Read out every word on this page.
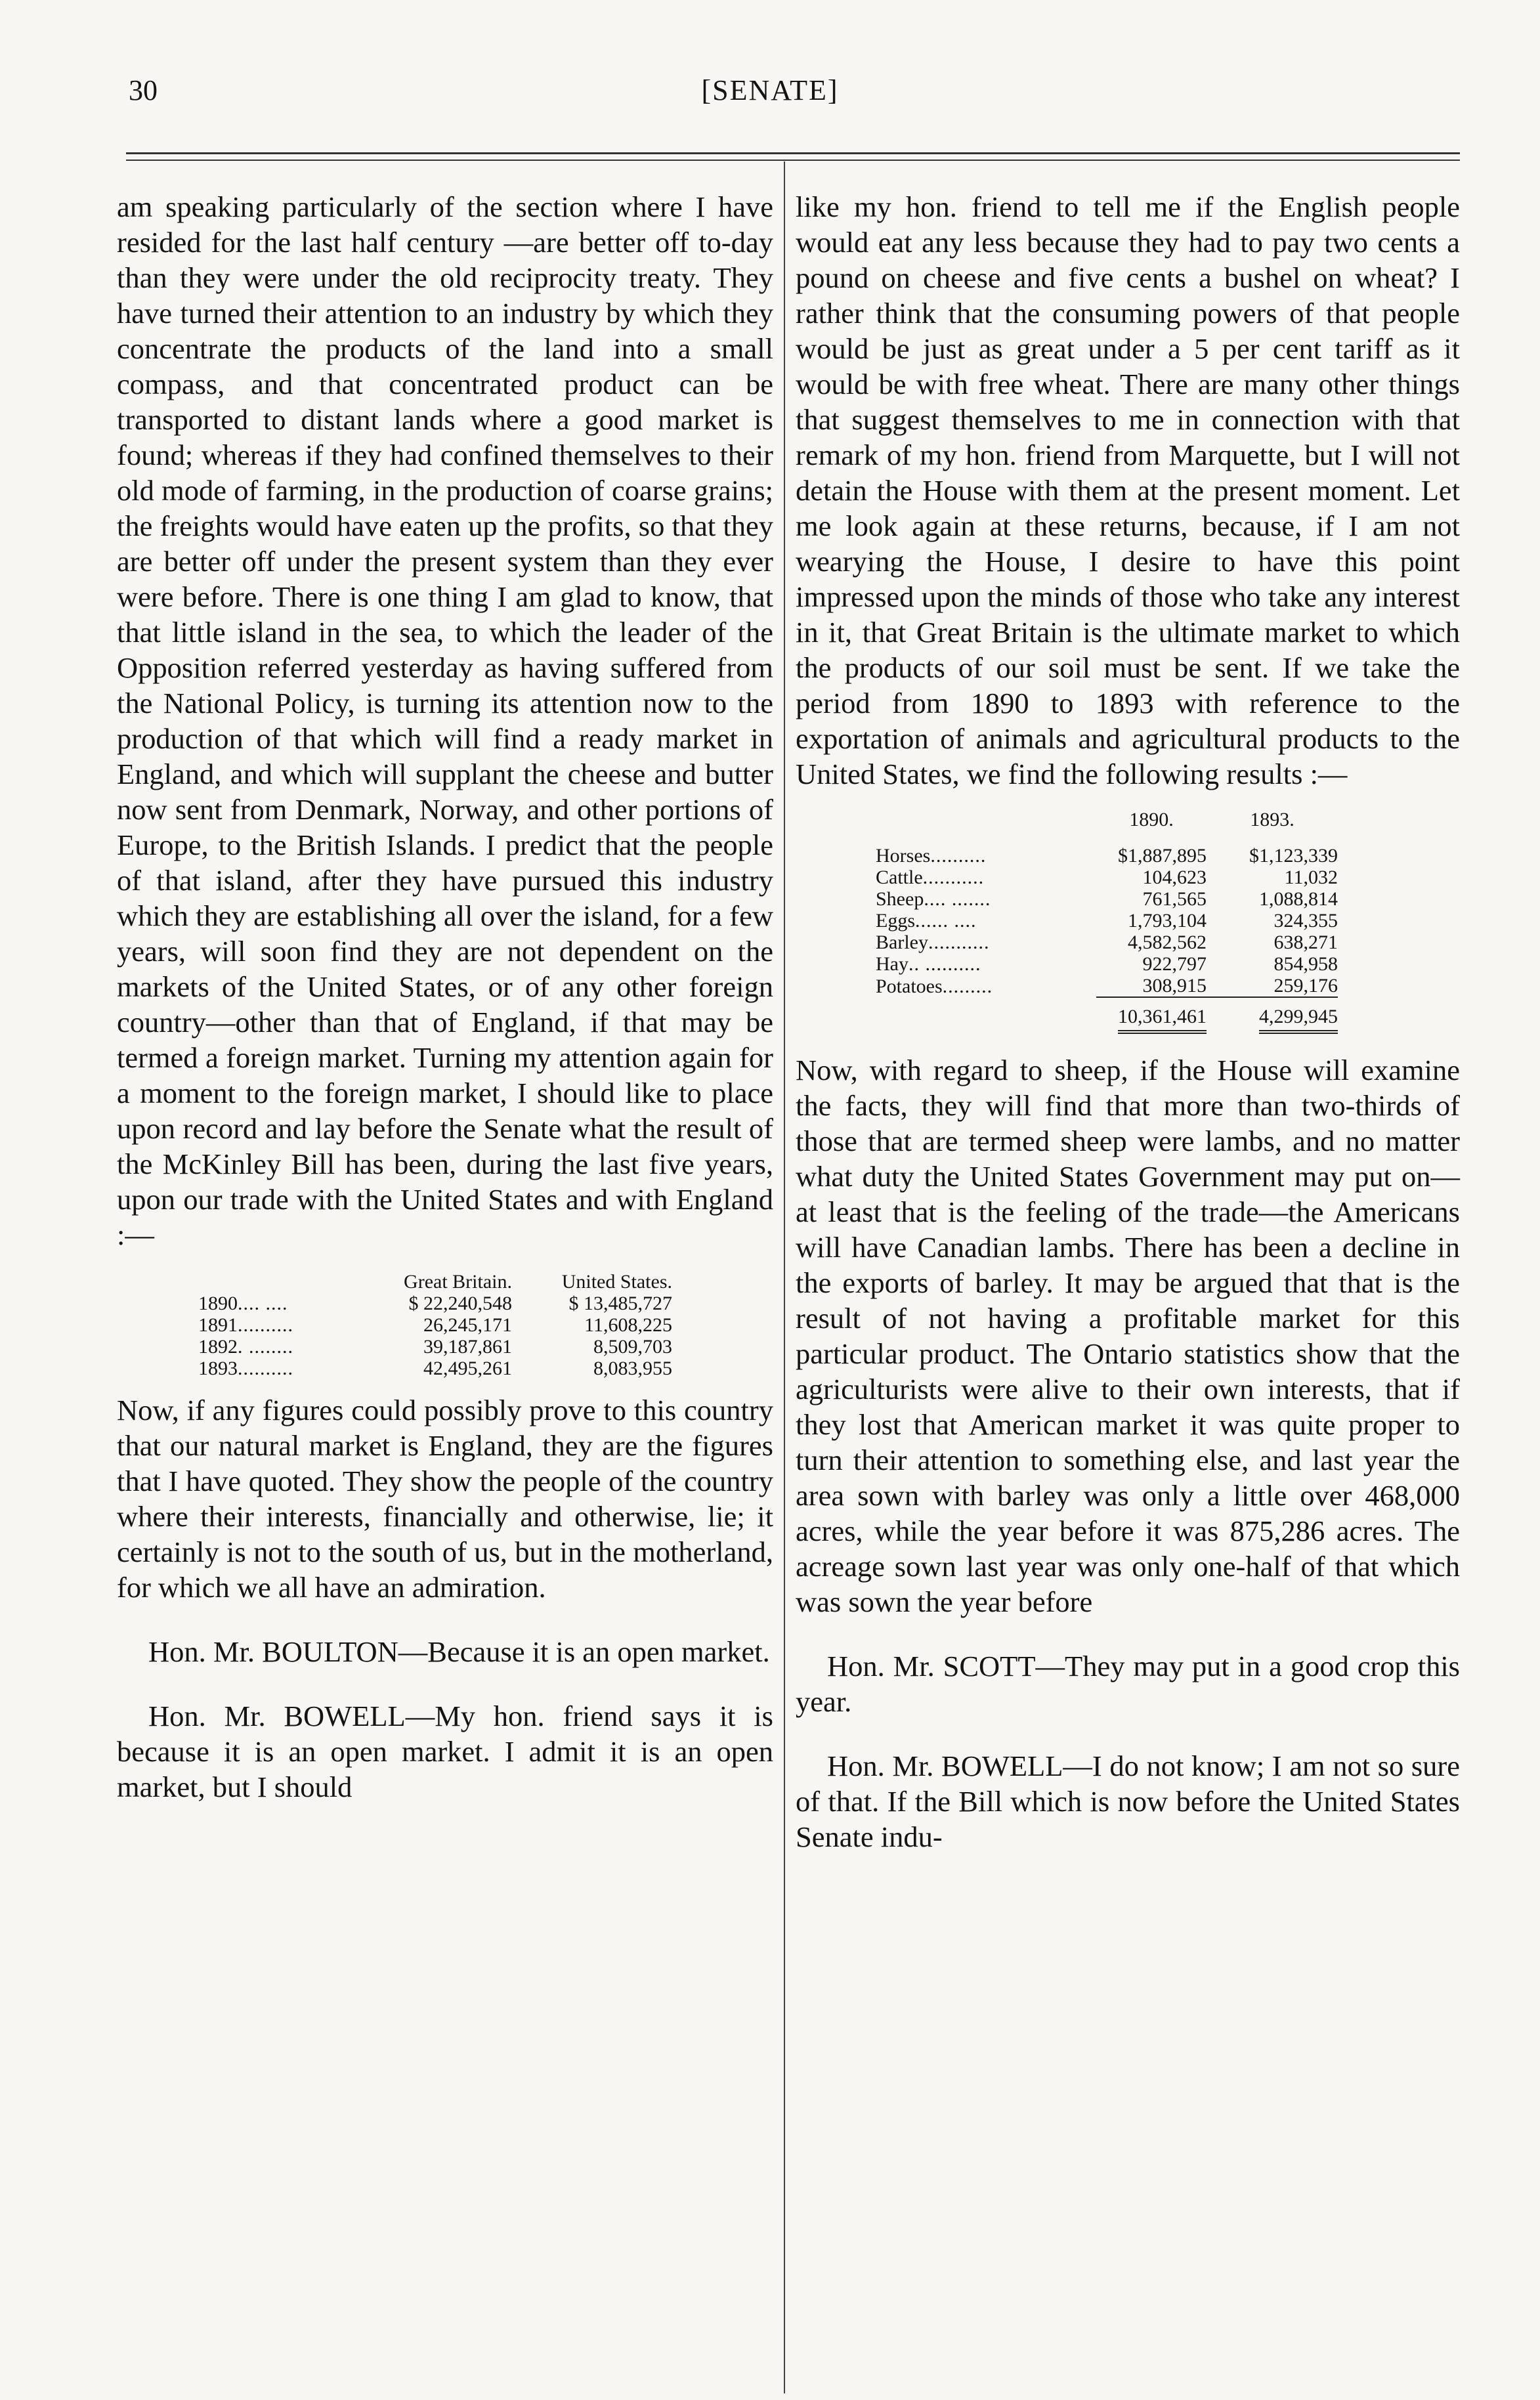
30	[SENATE]

am speaking particularly of the section where I have resided for the last half century —are better off to-day than they were under the old reciprocity treaty. They have turned their attention to an industry by which they concentrate the products of the land into a small compass, and that concentrated product can be transported to distant lands where a good market is found; whereas if they had confined themselves to their old mode of farming, in the production of coarse grains; the freights would have eaten up the profits, so that they are better off under the present system than they ever were before. There is one thing I am glad to know, that that little island in the sea, to which the leader of the Opposition referred yesterday as having suffered from the National Policy, is turning its attention now to the production of that which will find a ready market in England, and which will supplant the cheese and butter now sent from Denmark, Norway, and other portions of Europe, to the British Islands. I predict that the people of that island, after they have pursued this industry which they are establishing all over the island, for a few years, will soon find they are not dependent on the markets of the United States, or of any other foreign country—other than that of England, if that may be termed a foreign market. Turning my attention again for a moment to the foreign market, I should like to place upon record and lay before the Senate what the result of the McKinley Bill has been, during the last five years, upon our trade with the United States and with England :—

	Great Britain.	United States.
1890.... ....	$ 22,240,548	$ 13,485,727
1891..........	26,245,171	11,608,225
1892. ........	39,187,861	8,509,703
1893..........	42,495,261	8,083,955

Now, if any figures could possibly prove to this country that our natural market is England, they are the figures that I have quoted. They show the people of the country where their interests, financially and otherwise, lie; it certainly is not to the south of us, but in the motherland, for which we all have an admiration.

Hon. Mr. BOULTON—Because it is an open market.

Hon. Mr. BOWELL—My hon. friend says it is because it is an open market. I admit it is an open market, but I should

like my hon. friend to tell me if the English people would eat any less because they had to pay two cents a pound on cheese and five cents a bushel on wheat? I rather think that the consuming powers of that people would be just as great under a 5 per cent tariff as it would be with free wheat. There are many other things that suggest themselves to me in connection with that remark of my hon. friend from Marquette, but I will not detain the House with them at the present moment. Let me look again at these returns, because, if I am not wearying the House, I desire to have this point impressed upon the minds of those who take any interest in it, that Great Britain is the ultimate market to which the products of our soil must be sent. If we take the period from 1890 to 1893 with reference to the exportation of animals and agricultural products to the United States, we find the following results :—

	1890.	1893.
Horses..........	$1,887,895	$1,123,339
Cattle...........	104,623	11,032
Sheep.... .......	761,565	1,088,814
Eggs...... ....	1,793,104	324,355
Barley...........	4,582,562	638,271
Hay.. ..........	922,797	854,958
Potatoes.........	308,915	259,176
	10,361,461	4,299,945

Now, with regard to sheep, if the House will examine the facts, they will find that more than two-thirds of those that are termed sheep were lambs, and no matter what duty the United States Government may put on—at least that is the feeling of the trade—the Americans will have Canadian lambs. There has been a decline in the exports of barley. It may be argued that that is the result of not having a profitable market for this particular product. The Ontario statistics show that the agriculturists were alive to their own interests, that if they lost that American market it was quite proper to turn their attention to something else, and last year the area sown with barley was only a little over 468,000 acres, while the year before it was 875,286 acres. The acreage sown last year was only one-half of that which was sown the year before

Hon. Mr. SCOTT—They may put in a good crop this year.

Hon. Mr. BOWELL—I do not know; I am not so sure of that. If the Bill which is now before the United States Senate indu-
